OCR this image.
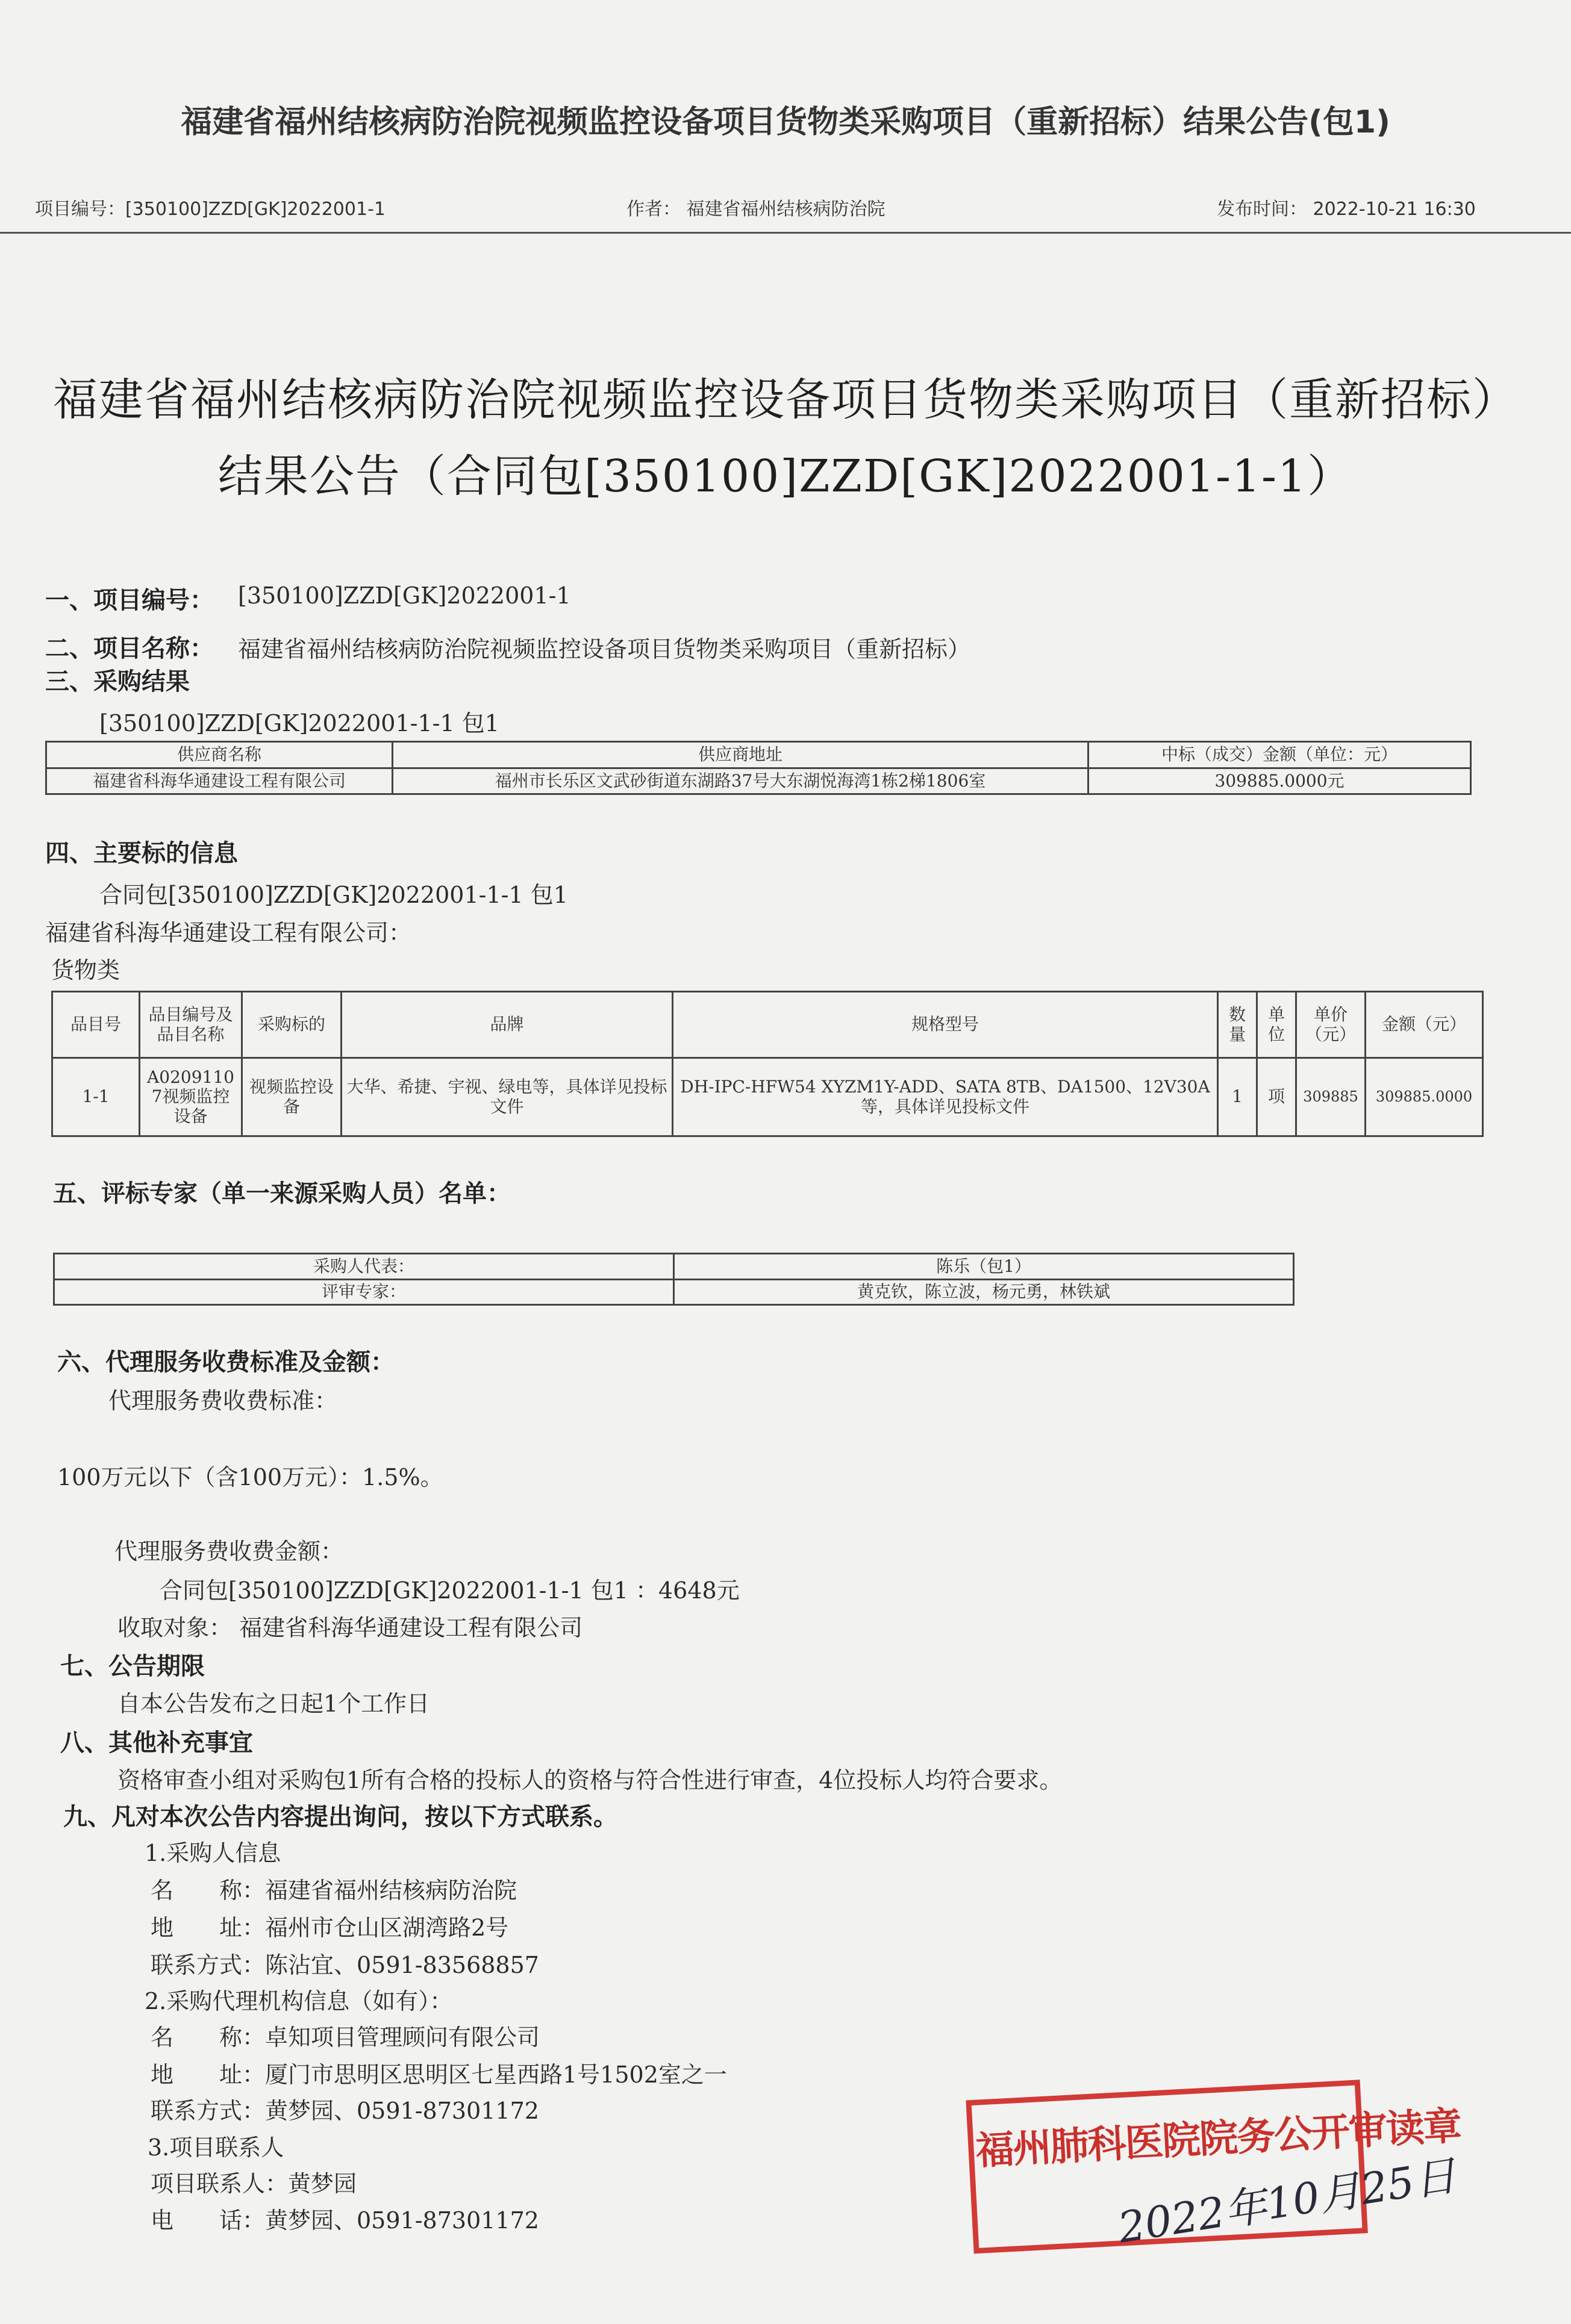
福建省福州结核病防治院视频监控设备项目货物类采购项目（重新招标）结果公告(包1)
项目编号：[350100]ZZD[GK]2022001-1	作者： 福建省福州结核病防治院	发布时间： 2022-10-21 16:30
福建省福州结核病防治院视频监控设备项目货物类采购项目（重新招标）
结果公告（合同包[350100]ZZD[GK]2022001-1-1）
一、项目编号： [350100]ZZD[GK]2022001-1
二、项目名称： 福建省福州结核病防治院视频监控设备项目货物类采购项目（重新招标）
三、采购结果
[350100]ZZD[GK]2022001-1-1 包1
供应商名称	供应商地址	中标（成交）金额（单位：元）
福建省科海华通建设工程有限公司	福州市长乐区文武砂街道东湖路37号大东湖悦海湾1栋2梯1806室	309885.0000元
四、主要标的信息
合同包[350100]ZZD[GK]2022001-1-1 包1
福建省科海华通建设工程有限公司：
货物类
品目号	品目编号及品目名称	采购标的	品牌	规格型号	数量	单位	单价（元）	金额（元）
1-1	A02091107视频监控设备	视频监控设备	大华、希捷、宇视、绿电等，具体详见投标文件	DH-IPC-HFW54 XYZM1Y-ADD、SATA 8TB、DA1500、12V30A等，具体详见投标文件	1	项	309885	309885.0000
五、评标专家（单一来源采购人员）名单：
采购人代表：	陈乐（包1）
评审专家：	黄克钦，陈立波，杨元勇，林铁斌
六、代理服务收费标准及金额：
代理服务费收费标准：
100万元以下（含100万元）：1.5%。
代理服务费收费金额：
合同包[350100]ZZD[GK]2022001-1-1 包1 ：4648元
收取对象： 福建省科海华通建设工程有限公司
七、公告期限
自本公告发布之日起1个工作日
八、其他补充事宜
资格审查小组对采购包1所有合格的投标人的资格与符合性进行审查，4位投标人均符合要求。
九、凡对本次公告内容提出询问，按以下方式联系。
1.采购人信息
名　　称：福建省福州结核病防治院
地　　址：福州市仓山区湖湾路2号
联系方式：陈沾宜、0591-83568857
2.采购代理机构信息（如有）：
名　　称：卓知项目管理顾问有限公司
地　　址：厦门市思明区思明区七星西路1号1502室之一
联系方式：黄梦园、0591-87301172
3.项目联系人
项目联系人：黄梦园
电　　话：黄梦园、0591-87301172
福州肺科医院院务公开审读章
2022年10月25日
